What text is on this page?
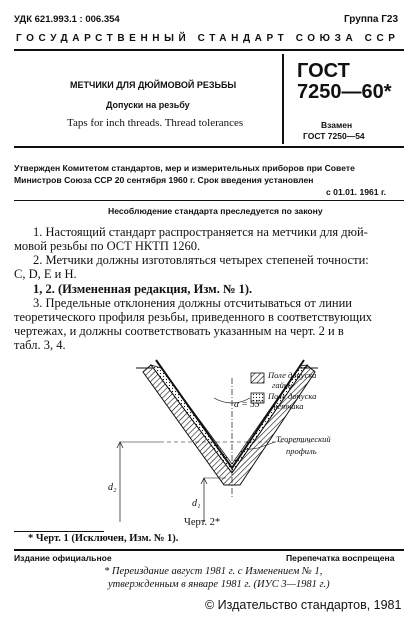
УДК 621.993.1 : 006.354	Группа Г23
ГОСУДАРСТВЕННЫЙ СТАНДАРТ СОЮЗА ССР
МЕТЧИКИ ДЛЯ ДЮЙМОВОЙ РЕЗЬБЫ
Допуски на резьбу
Taps for inch threads. Thread tolerances
ГОСТ
7250—60*
Взамен
ГОСТ 7250—54
Утвержден Комитетом стандартов, мер и измерительных приборов при Совете
Министров Союза ССР 20 сентября 1960 г. Срок введения установлен
с 01.01. 1961 г.
Несоблюдение стандарта преследуется по закону
1. Настоящий стандарт распространяется на метчики для дюй-
мовой резьбы по ОСТ НКТП 1260.
2. Метчики должны изготовляться четырех степеней точности:
С, D, E и Н.
1, 2. (Измененная редакция, Изм. № 1).
3. Предельные отклонения должны отсчитываться от линии
теоретического профиля резьбы, приведенного в соответствующих
чертежах, и должны соответствовать указанным на черт. 2 и в
табл. 3, 4.
Поле допуска
гайки
Поле допуска
метчика
α = 55°
Теоретический
профиль
d₂
d₁
Черт. 2*
* Черт. 1 (Исключен, Изм. № 1).
Издание официальное	Перепечатка воспрещена
* Переиздание август 1981 г. с Изменением № 1,
утвержденным в январе 1981 г. (ИУС 3—1981 г.)
© Издательство стандартов, 1981
